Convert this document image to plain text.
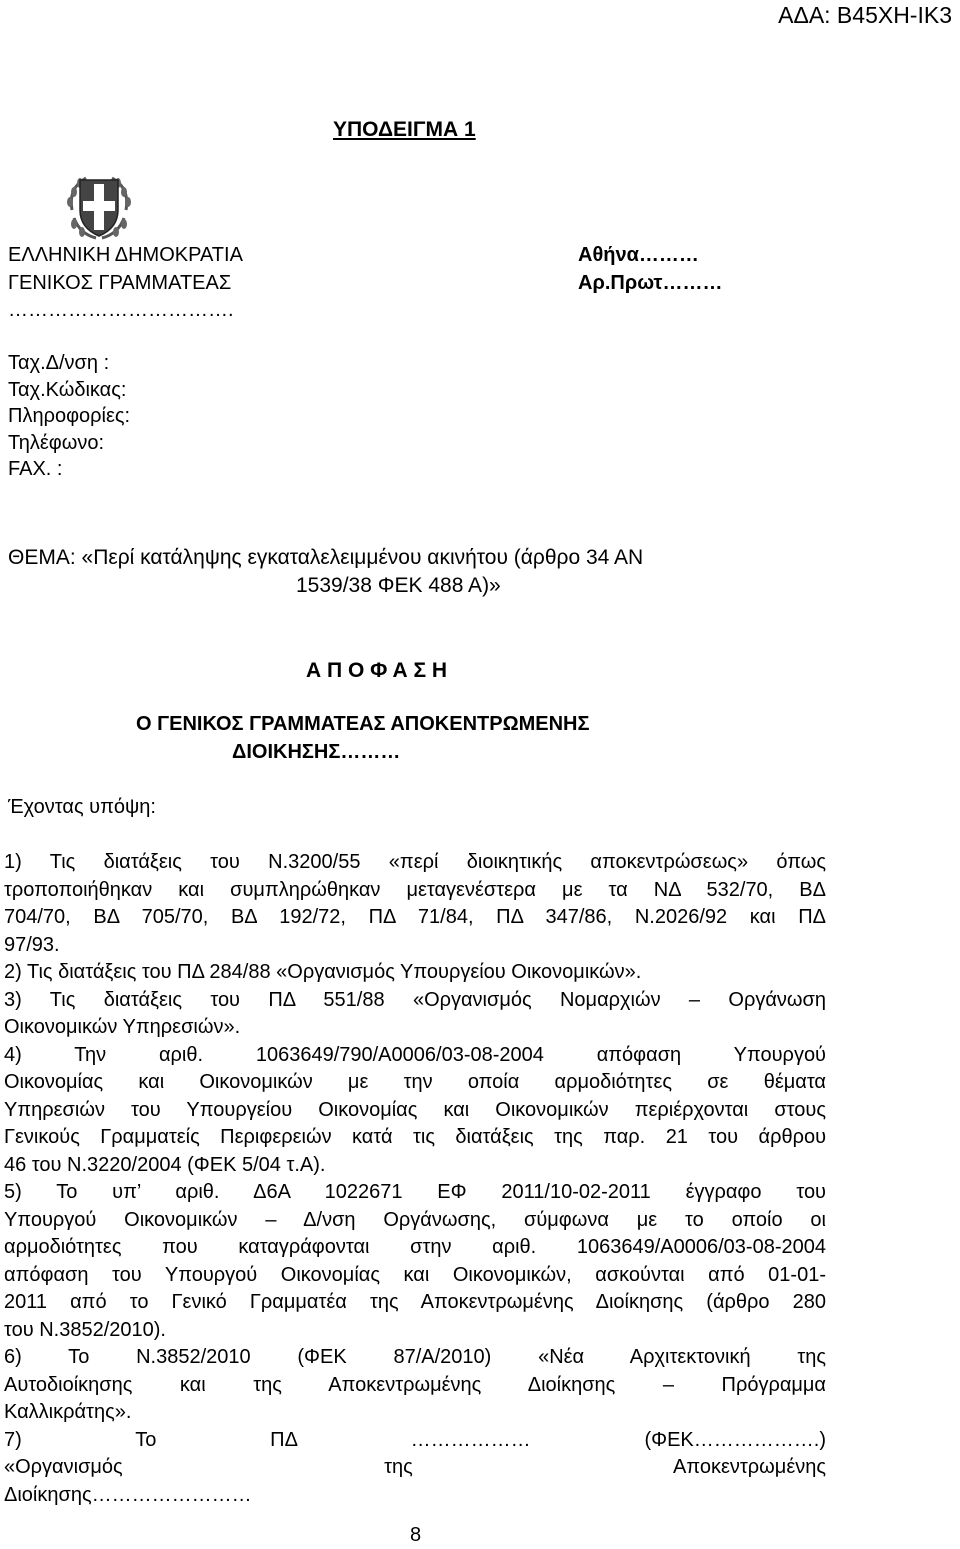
ΑΔΑ: Β45ΧΗ-ΙΚ3
ΥΠΟΔΕΙΓΜΑ 1
ΕΛΛΗΝΙΚΗ ΔΗΜΟΚΡΑΤΙΑ
ΓΕΝΙΚΟΣ ΓΡΑΜΜΑΤΕΑΣ
…………………………….
Αθήνα………
Αρ.Πρωτ………
Ταχ.Δ/νση :
Ταχ.Κώδικας:
Πληροφορίες:
Τηλέφωνο:
FAX. :
ΘΕΜΑ: «Περί κατάληψης εγκαταλελειμμένου ακινήτου (άρθρο 34 ΑΝ
1539/38 ΦΕΚ 488 Α)»
Α Π Ο Φ Α Σ Η
Ο ΓΕΝΙΚΟΣ ΓΡΑΜΜΑΤΕΑΣ ΑΠΟΚΕΝΤΡΩΜΕΝΗΣ
ΔΙΟΙΚΗΣΗΣ………
Έχοντας υπόψη:
1) Τις διατάξεις του Ν.3200/55 «περί διοικητικής αποκεντρώσεως» όπως
τροποποιήθηκαν και συμπληρώθηκαν μεταγενέστερα με τα ΝΔ 532/70, ΒΔ
704/70, ΒΔ 705/70, ΒΔ 192/72, ΠΔ 71/84, ΠΔ 347/86, Ν.2026/92 και ΠΔ
97/93.
2) Τις διατάξεις του ΠΔ 284/88 «Οργανισμός Υπουργείου Οικονομικών».
3) Τις διατάξεις του ΠΔ 551/88 «Οργανισμός Νομαρχιών – Οργάνωση
Οικονομικών Υπηρεσιών».
4) Την αριθ. 1063649/790/Α0006/03-08-2004 απόφαση Υπουργού
Οικονομίας και Οικονομικών με την οποία αρμοδιότητες σε θέματα
Υπηρεσιών του Υπουργείου Οικονομίας και Οικονομικών περιέρχονται στους
Γενικούς Γραμματείς Περιφερειών κατά τις διατάξεις της παρ. 21 του άρθρου
46 του Ν.3220/2004 (ΦΕΚ 5/04 τ.Α).
5) Το υπ’ αριθ. Δ6Α 1022671 ΕΦ 2011/10-02-2011 έγγραφο του
Υπουργού Οικονομικών – Δ/νση Οργάνωσης, σύμφωνα με το οποίο οι
αρμοδιότητες που καταγράφονται στην αριθ. 1063649/Α0006/03-08-2004
απόφαση του Υπουργού Οικονομίας και Οικονομικών, ασκούνται από 01-01-
2011 από το Γενικό Γραμματέα της Αποκεντρωμένης Διοίκησης (άρθρο 280
του Ν.3852/2010).
6) Το Ν.3852/2010 (ΦΕΚ 87/Α/2010) «Νέα Αρχιτεκτονική της
Αυτοδιοίκησης και της Αποκεντρωμένης Διοίκησης – Πρόγραμμα
Καλλικράτης».
7) Το ΠΔ ……………… (ΦΕΚ……………….)
«Οργανισμός της Αποκεντρωμένης
Διοίκησης……………………
8
